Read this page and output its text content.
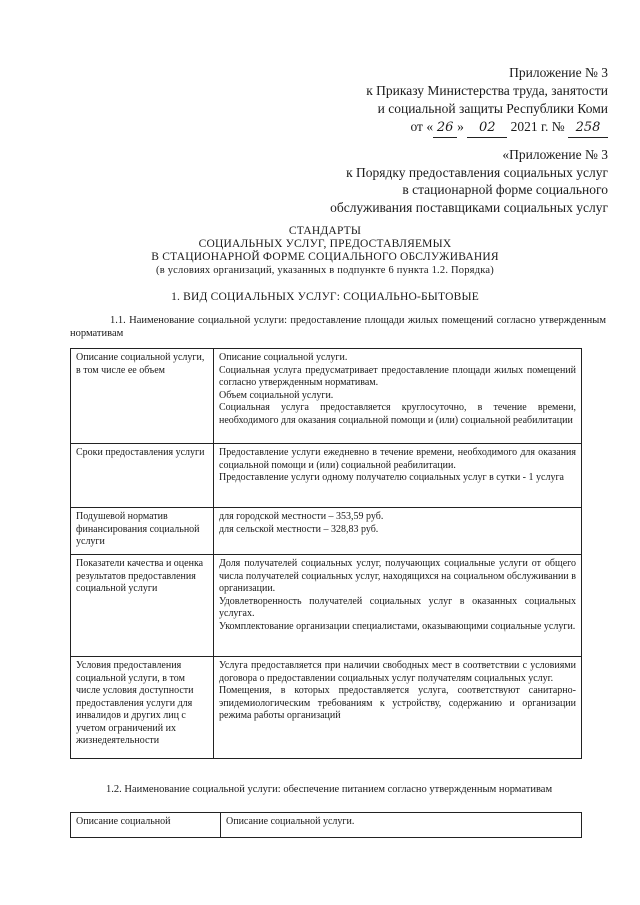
Приложение № 3
к Приказу Министерства труда, занятости
и социальной защиты Республики Коми
от « 26 » 02 2021 г. № 258
«Приложение № 3
к Порядку предоставления социальных услуг
в стационарной форме социального
обслуживания поставщиками социальных услуг
СТАНДАРТЫ
СОЦИАЛЬНЫХ УСЛУГ, ПРЕДОСТАВЛЯЕМЫХ
В СТАЦИОНАРНОЙ ФОРМЕ СОЦИАЛЬНОГО ОБСЛУЖИВАНИЯ
(в условиях организаций, указанных в подпункте 6 пункта 1.2. Порядка)
1. ВИД СОЦИАЛЬНЫХ УСЛУГ: СОЦИАЛЬНО-БЫТОВЫЕ
1.1. Наименование социальной услуги: предоставление площади жилых помещений согласно утвержденным нормативам
Описание социальной услуги, в том числе ее объем	Описание социальной услуги.
Социальная услуга предусматривает предоставление площади жилых помещений согласно утвержденным нормативам.
Объем социальной услуги.
Социальная услуга предоставляется круглосуточно, в течение времени, необходимого для оказания социальной помощи и (или) социальной реабилитации

Сроки предоставления услуги	Предоставление услуги ежедневно в течение времени, необходимого для оказания социальной помощи и (или) социальной реабилитации.
Предоставление услуги одному получателю социальных услуг в сутки - 1 услуга

Подушевой норматив финансирования социальной услуги	для городской местности – 353,59 руб.
для сельской местности – 328,83 руб.

Показатели качества и оценка результатов предоставления социальной услуги	Доля получателей социальных услуг, получающих социальные услуги от общего числа получателей социальных услуг, находящихся на социальном обслуживании в организации.
Удовлетворенность получателей социальных услуг в оказанных социальных услугах.
Укомплектование организации специалистами, оказывающими социальные услуги.

Условия предоставления социальной услуги, в том числе условия доступности предоставления услуги для инвалидов и других лиц с учетом ограничений их жизнедеятельности	Услуга предоставляется при наличии свободных мест в соответствии с условиями договора о предоставлении социальных услуг получателям социальных услуг.
Помещения, в которых предоставляется услуга, соответствуют санитарно-эпидемиологическим требованиям к устройству, содержанию и организации режима работы организаций
1.2. Наименование социальной услуги: обеспечение питанием согласно утвержденным нормативам
Описание социальной	Описание социальной услуги.
